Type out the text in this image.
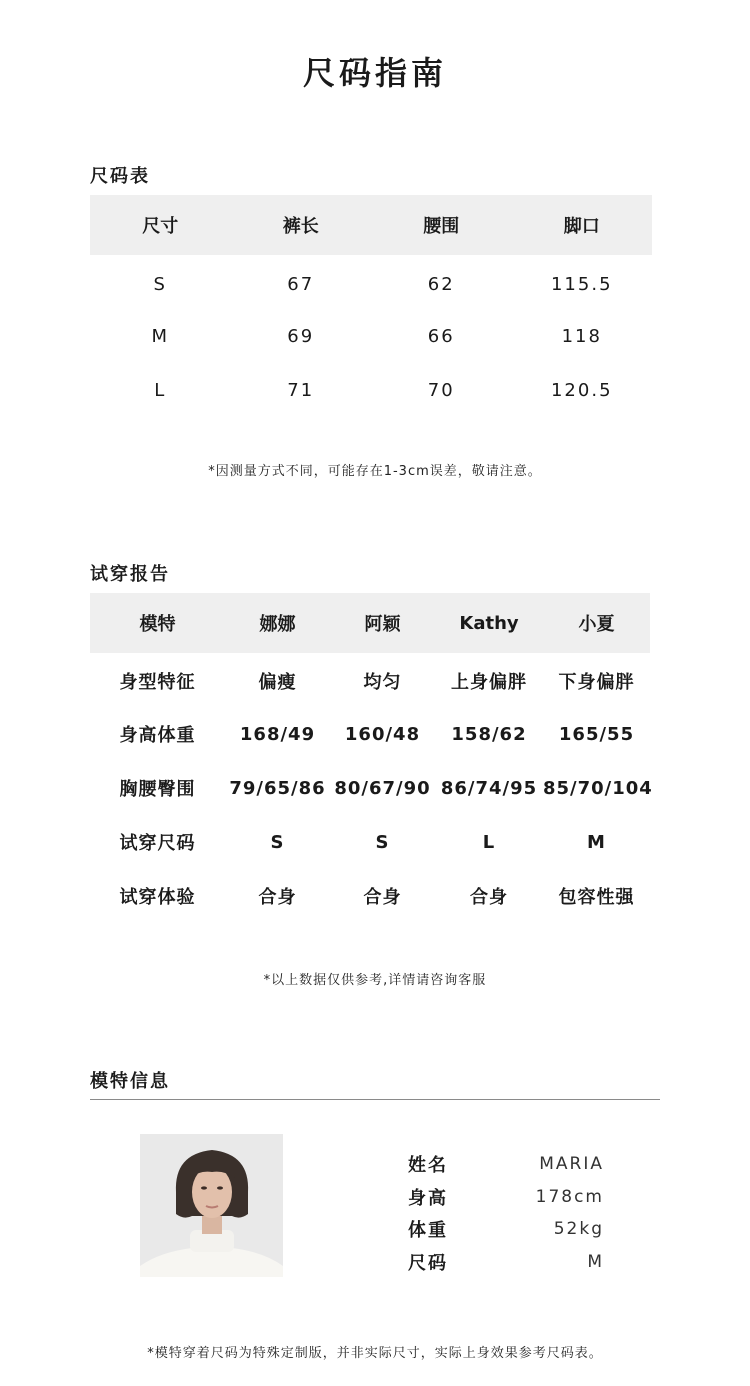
尺码指南
尺码表
尺寸	裤长	腰围	脚口
S	67	62	115.5
M	69	66	118
L	71	70	120.5
*因测量方式不同，可能存在1-3cm误差，敬请注意。
试穿报告
模特	娜娜	阿颖	Kathy	小夏
身型特征	偏瘦	均匀	上身偏胖	下身偏胖
身高体重	168/49	160/48	158/62	165/55
胸腰臀围	79/65/86	80/67/90	86/74/95	85/70/104
试穿尺码	S	S	L	M
试穿体验	合身	合身	合身	包容性强
*以上数据仅供参考,详情请咨询客服
模特信息
姓名	MARIA
身高	178cm
体重	52kg
尺码	M
*模特穿着尺码为特殊定制版，并非实际尺寸，实际上身效果参考尺码表。
